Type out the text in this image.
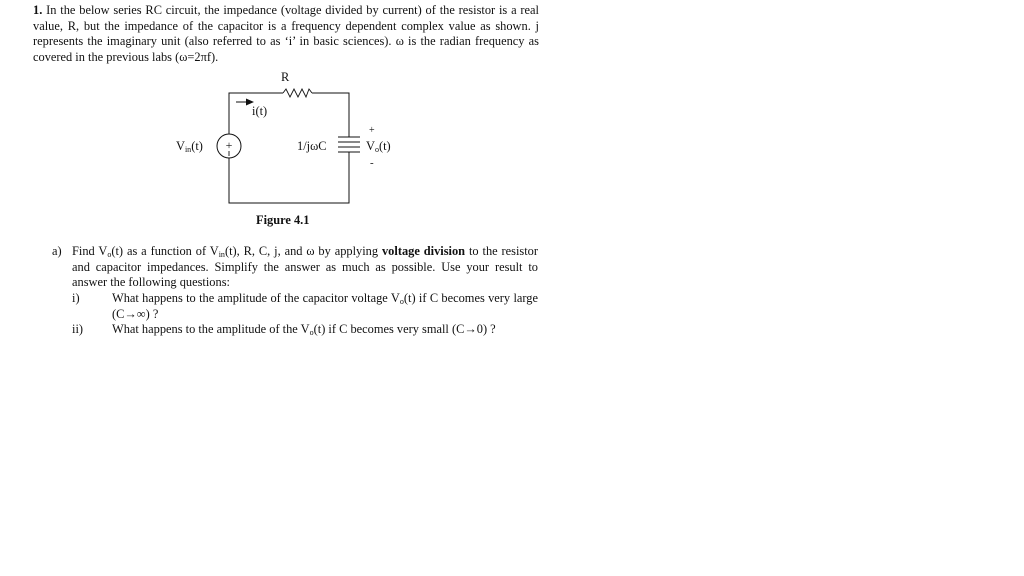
1. In the below series RC circuit, the impedance (voltage divided by current) of the resistor is a real value, R, but the impedance of the capacitor is a frequency dependent complex value as shown. j represents the imaginary unit (also referred to as ‘i’ in basic sciences). ω is the radian frequency as covered in the previous labs (ω=2πf).
+
R
i(t)
Vin(t)	1/jωC
+
Vo(t)
-
Figure 4.1
a) Find $V_o(t)$ as a function of $V_{in}(t)$, R, C, j, and ω by applying voltage division to the resistor and capacitor impedances. Simplify the answer as much as possible. Use your result to answer the following questions:
i)	What happens to the amplitude of the capacitor voltage $V_o(t)$ if C becomes very large (C→∞) ?
ii) What happens to the amplitude of the $V_o(t)$ if C becomes very small (C→0) ?
